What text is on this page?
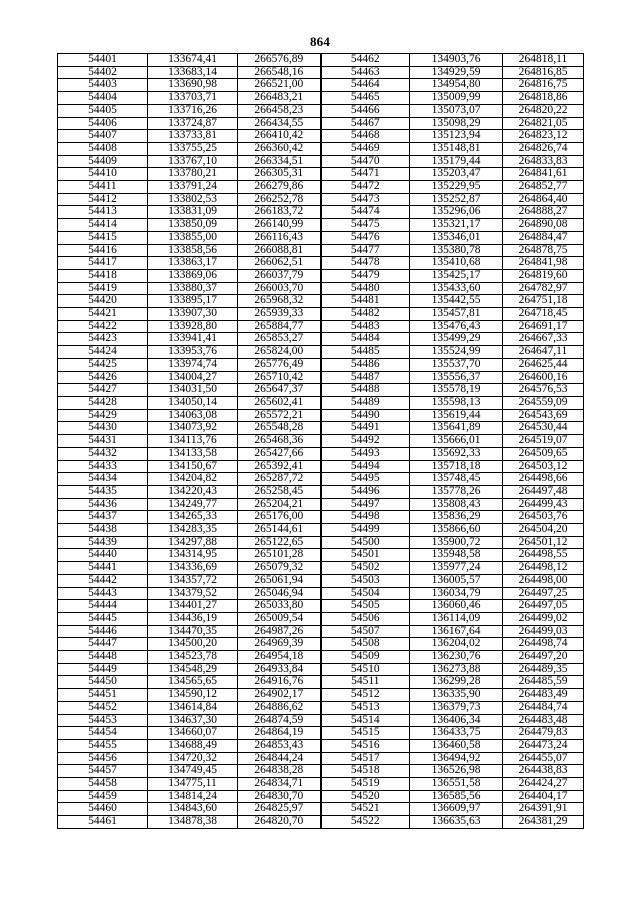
864
54401	133674,41	266576,89	54462	134903,76	264818,11
54402	133683,14	266548,16	54463	134929,59	264816,85
54403	133690,98	266521,00	54464	134954,80	264816,75
54404	133703,71	266483,21	54465	135009,99	264818,86
54405	133716,26	266458,23	54466	135073,07	264820,22
54406	133724,87	266434,55	54467	135098,29	264821,05
54407	133733,81	266410,42	54468	135123,94	264823,12
54408	133755,25	266360,42	54469	135148,81	264826,74
54409	133767,10	266334,51	54470	135179,44	264833,83
54410	133780,21	266305,31	54471	135203,47	264841,61
54411	133791,24	266279,86	54472	135229,95	264852,77
54412	133802,53	266252,78	54473	135252,87	264864,40
54413	133831,09	266183,72	54474	135296,06	264888,27
54414	133850,09	266140,99	54475	135321,17	264890,08
54415	133855,00	266116,43	54476	135346,01	264884,47
54416	133858,56	266088,81	54477	135380,78	264878,75
54417	133863,17	266062,51	54478	135410,68	264841,98
54418	133869,06	266037,79	54479	135425,17	264819,60
54419	133880,37	266003,70	54480	135433,60	264782,97
54420	133895,17	265968,32	54481	135442,55	264751,18
54421	133907,30	265939,33	54482	135457,81	264718,45
54422	133928,80	265884,77	54483	135476,43	264691,17
54423	133941,41	265853,27	54484	135499,29	264667,33
54424	133953,76	265824,00	54485	135524,99	264647,11
54425	133974,74	265776,49	54486	135537,70	264625,44
54426	134004,27	265710,42	54487	135556,37	264600,16
54427	134031,50	265647,37	54488	135578,19	264576,53
54428	134050,14	265602,41	54489	135598,13	264559,09
54429	134063,08	265572,21	54490	135619,44	264543,69
54430	134073,92	265548,28	54491	135641,89	264530,44
54431	134113,76	265468,36	54492	135666,01	264519,07
54432	134133,58	265427,66	54493	135692,33	264509,65
54433	134150,67	265392,41	54494	135718,18	264503,12
54434	134204,82	265287,72	54495	135748,45	264498,66
54435	134220,43	265258,45	54496	135778,26	264497,48
54436	134249,77	265204,21	54497	135808,43	264499,43
54437	134265,33	265176,00	54498	135836,29	264503,76
54438	134283,35	265144,61	54499	135866,60	264504,20
54439	134297,88	265122,65	54500	135900,72	264501,12
54440	134314,95	265101,28	54501	135948,58	264498,55
54441	134336,69	265079,32	54502	135977,24	264498,12
54442	134357,72	265061,94	54503	136005,57	264498,00
54443	134379,52	265046,94	54504	136034,79	264497,25
54444	134401,27	265033,80	54505	136060,46	264497,05
54445	134436,19	265009,54	54506	136114,09	264499,02
54446	134470,35	264987,26	54507	136167,64	264499,03
54447	134500,20	264969,39	54508	136204,02	264498,74
54448	134523,78	264954,18	54509	136230,76	264497,20
54449	134548,29	264933,84	54510	136273,88	264489,35
54450	134565,65	264916,76	54511	136299,28	264485,59
54451	134590,12	264902,17	54512	136335,90	264483,49
54452	134614,84	264886,62	54513	136379,73	264484,74
54453	134637,30	264874,59	54514	136406,34	264483,48
54454	134660,07	264864,19	54515	136433,75	264479,83
54455	134688,49	264853,43	54516	136460,58	264473,24
54456	134720,32	264844,24	54517	136494,92	264455,07
54457	134749,45	264838,28	54518	136526,98	264438,83
54458	134775,11	264834,71	54519	136551,58	264424,27
54459	134814,24	264830,70	54520	136585,56	264404,17
54460	134843,60	264825,97	54521	136609,97	264391,91
54461	134878,38	264820,70	54522	136635,63	264381,29
